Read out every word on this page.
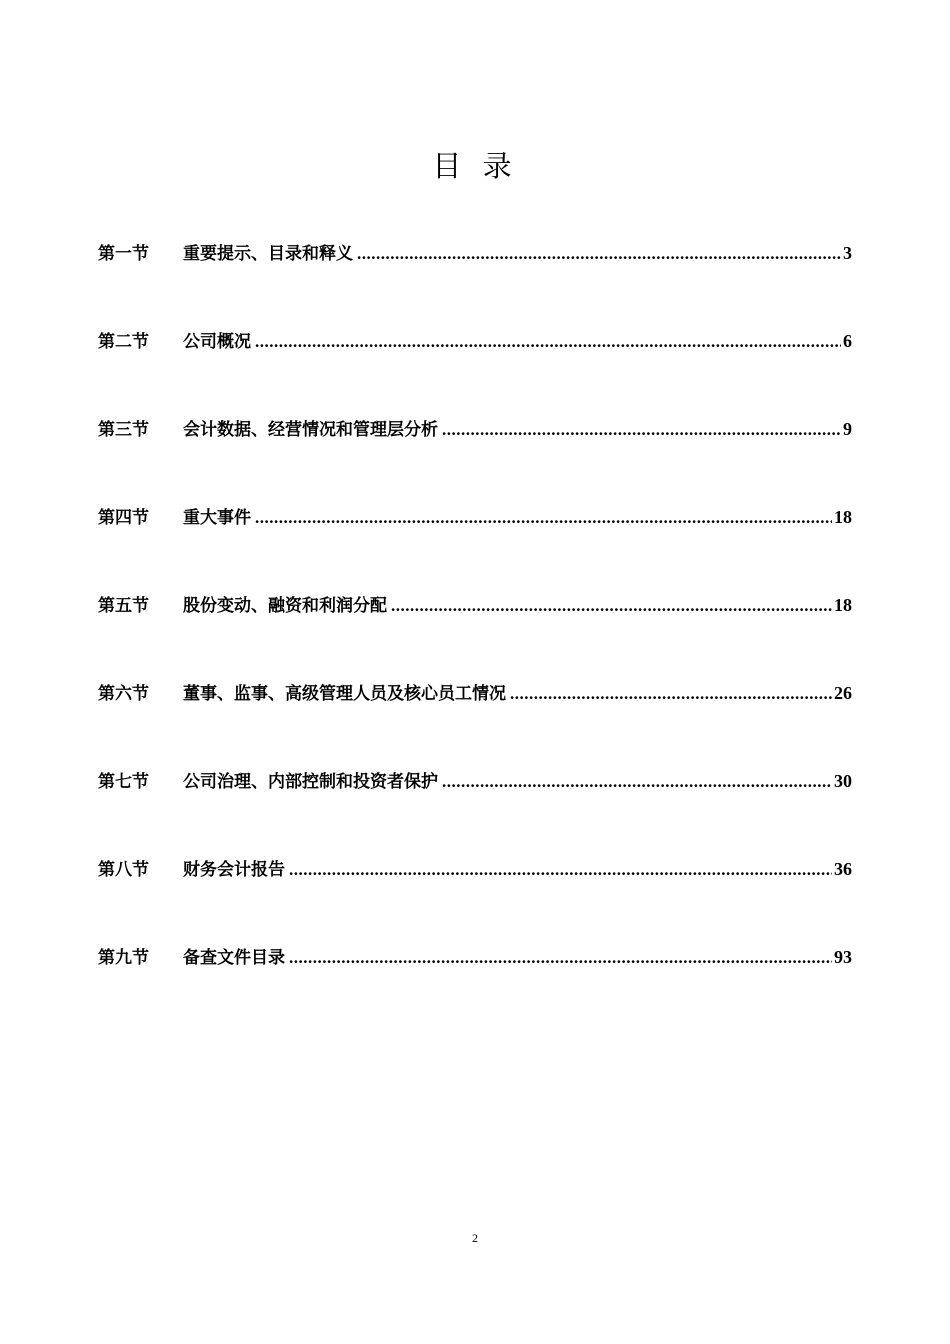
目 录
第一节	重要提示、目录和释义 .....	3
第二节	公司概况 .....	6
第三节	会计数据、经营情况和管理层分析 .....	9
第四节	重大事件 .....	18
第五节	股份变动、融资和利润分配 .....	18
第六节	董事、监事、高级管理人员及核心员工情况 .....	26
第七节	公司治理、内部控制和投资者保护 .....	30
第八节	财务会计报告 .....	36
第九节	备查文件目录 .....	93
2
